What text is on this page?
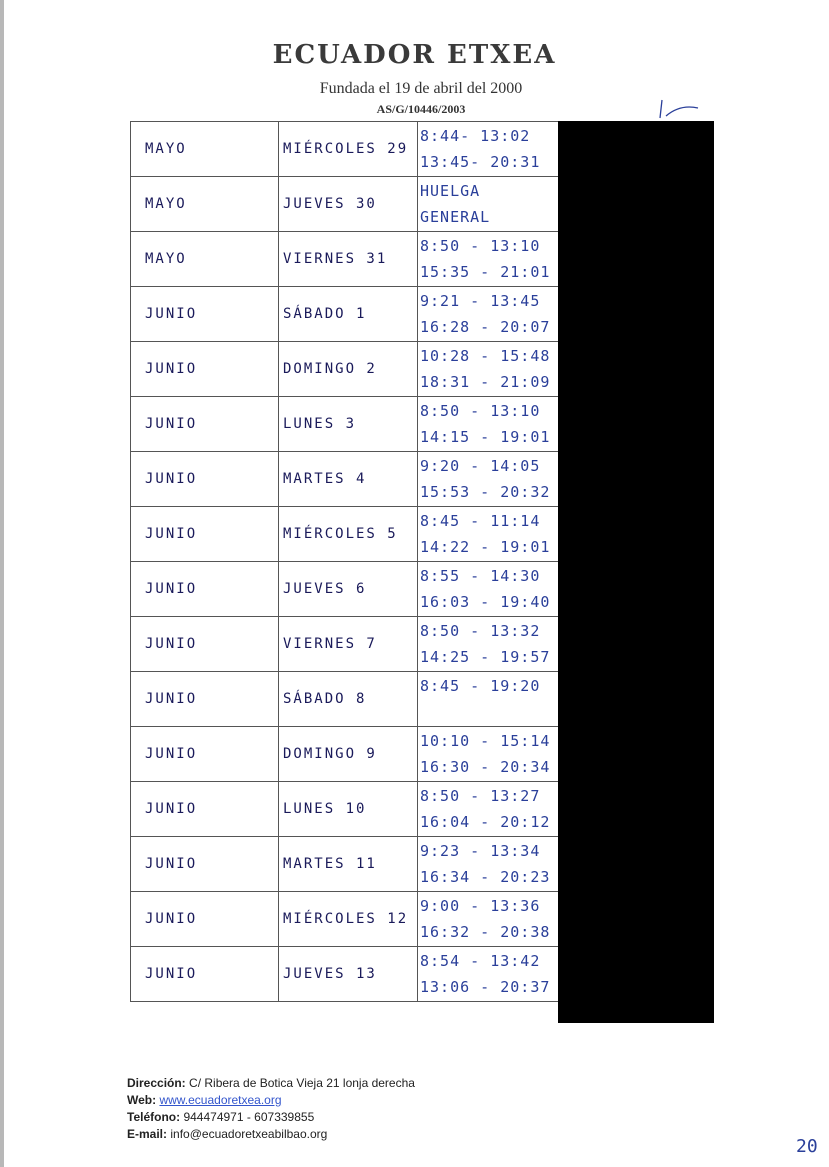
ECUADOR ETXEA
Fundada el 19 de abril del 2000
AS/G/10446/2003
MAYO	MIÉRCOLES 29	8:44- 13:02
13:45- 20:31

MAYO	JUEVES 30	HUELGA
GENERAL

MAYO	VIERNES 31	8:50 - 13:10
15:35 - 21:01

JUNIO	SÁBADO 1	9:21 - 13:45
16:28 - 20:07

JUNIO	DOMINGO 2	10:28 - 15:48
18:31 - 21:09

JUNIO	LUNES 3	8:50 - 13:10
14:15 - 19:01

JUNIO	MARTES 4	9:20 - 14:05
15:53 - 20:32

JUNIO	MIÉRCOLES 5	8:45 - 11:14
14:22 - 19:01

JUNIO	JUEVES 6	8:55 - 14:30
16:03 - 19:40

JUNIO	VIERNES 7	8:50 - 13:32
14:25 - 19:57

JUNIO	SÁBADO 8	8:45 - 19:20

JUNIO	DOMINGO 9	10:10 - 15:14
16:30 - 20:34

JUNIO	LUNES 10	8:50 - 13:27
16:04 - 20:12

JUNIO	MARTES 11	9:23 - 13:34
16:34 - 20:23

JUNIO	MIÉRCOLES 12	9:00 - 13:36
16:32 - 20:38

JUNIO	JUEVES 13	8:54 - 13:42
13:06 - 20:37
Dirección: C/ Ribera de Botica Vieja 21 lonja derecha
Web: www.ecuadoretxea.org
Teléfono: 944474971 - 607339855
E-mail: info@ecuadoretxeabilbao.org
20
